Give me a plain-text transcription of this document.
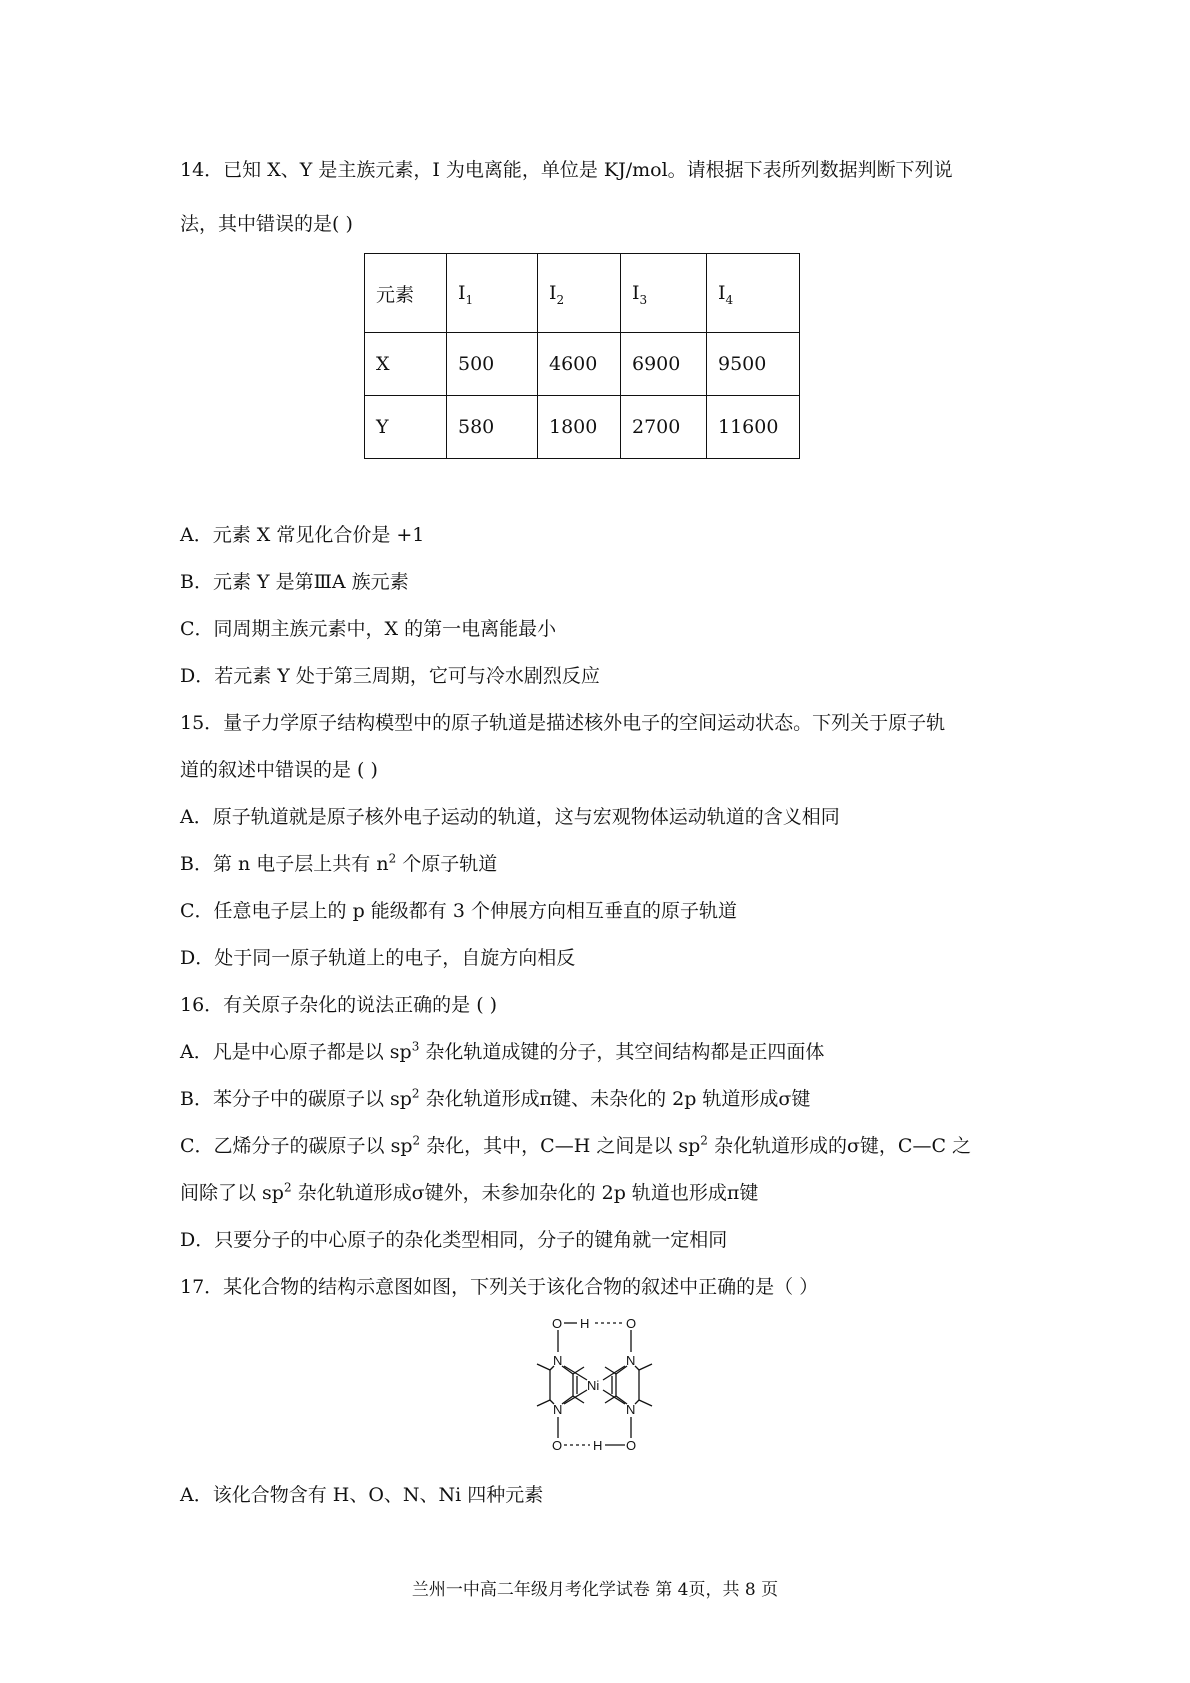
14．已知 X、Y 是主族元素，I 为电离能，单位是 KJ/mol。请根据下表所列数据判断下列说
法，其中错误的是( )
元素	$I_1$	$I_2$	$I_3$	$I_4$
X	500	4600	6900	9500
Y	580	1800	2700	11600
A．元素 X 常见化合价是 +1
B．元素 Y 是第ⅢA 族元素
C．同周期主族元素中，X 的第一电离能最小
D．若元素 Y 处于第三周期，它可与冷水剧烈反应
15．量子力学原子结构模型中的原子轨道是描述核外电子的空间运动状态。下列关于原子轨
道的叙述中错误的是 ( )
A．原子轨道就是原子核外电子运动的轨道，这与宏观物体运动轨道的含义相同
B．第 n 电子层上共有 $n^2$ 个原子轨道
C．任意电子层上的 p 能级都有 3 个伸展方向相互垂直的原子轨道
D．处于同一原子轨道上的电子，自旋方向相反
16．有关原子杂化的说法正确的是 ( )
A．凡是中心原子都是以 $sp^3$ 杂化轨道成键的分子，其空间结构都是正四面体
B．苯分子中的碳原子以 $sp^2$ 杂化轨道形成π键、未杂化的 2p 轨道形成σ键
C．乙烯分子的碳原子以 $sp^2$ 杂化，其中，C—H 之间是以 $sp^2$ 杂化轨道形成的σ键，C—C 之
间除了以 $sp^2$ 杂化轨道形成σ键外，未参加杂化的 2p 轨道也形成π键
D．只要分子的中心原子的杂化类型相同，分子的键角就一定相同
17．某化合物的结构示意图如图，下列关于该化合物的叙述中正确的是（ ）
O H	O
N	N
Ni
N	N
O H O
A．该化合物含有 H、O、N、Ni 四种元素
兰州一中高二年级月考化学试卷 第 4页，共 8 页
